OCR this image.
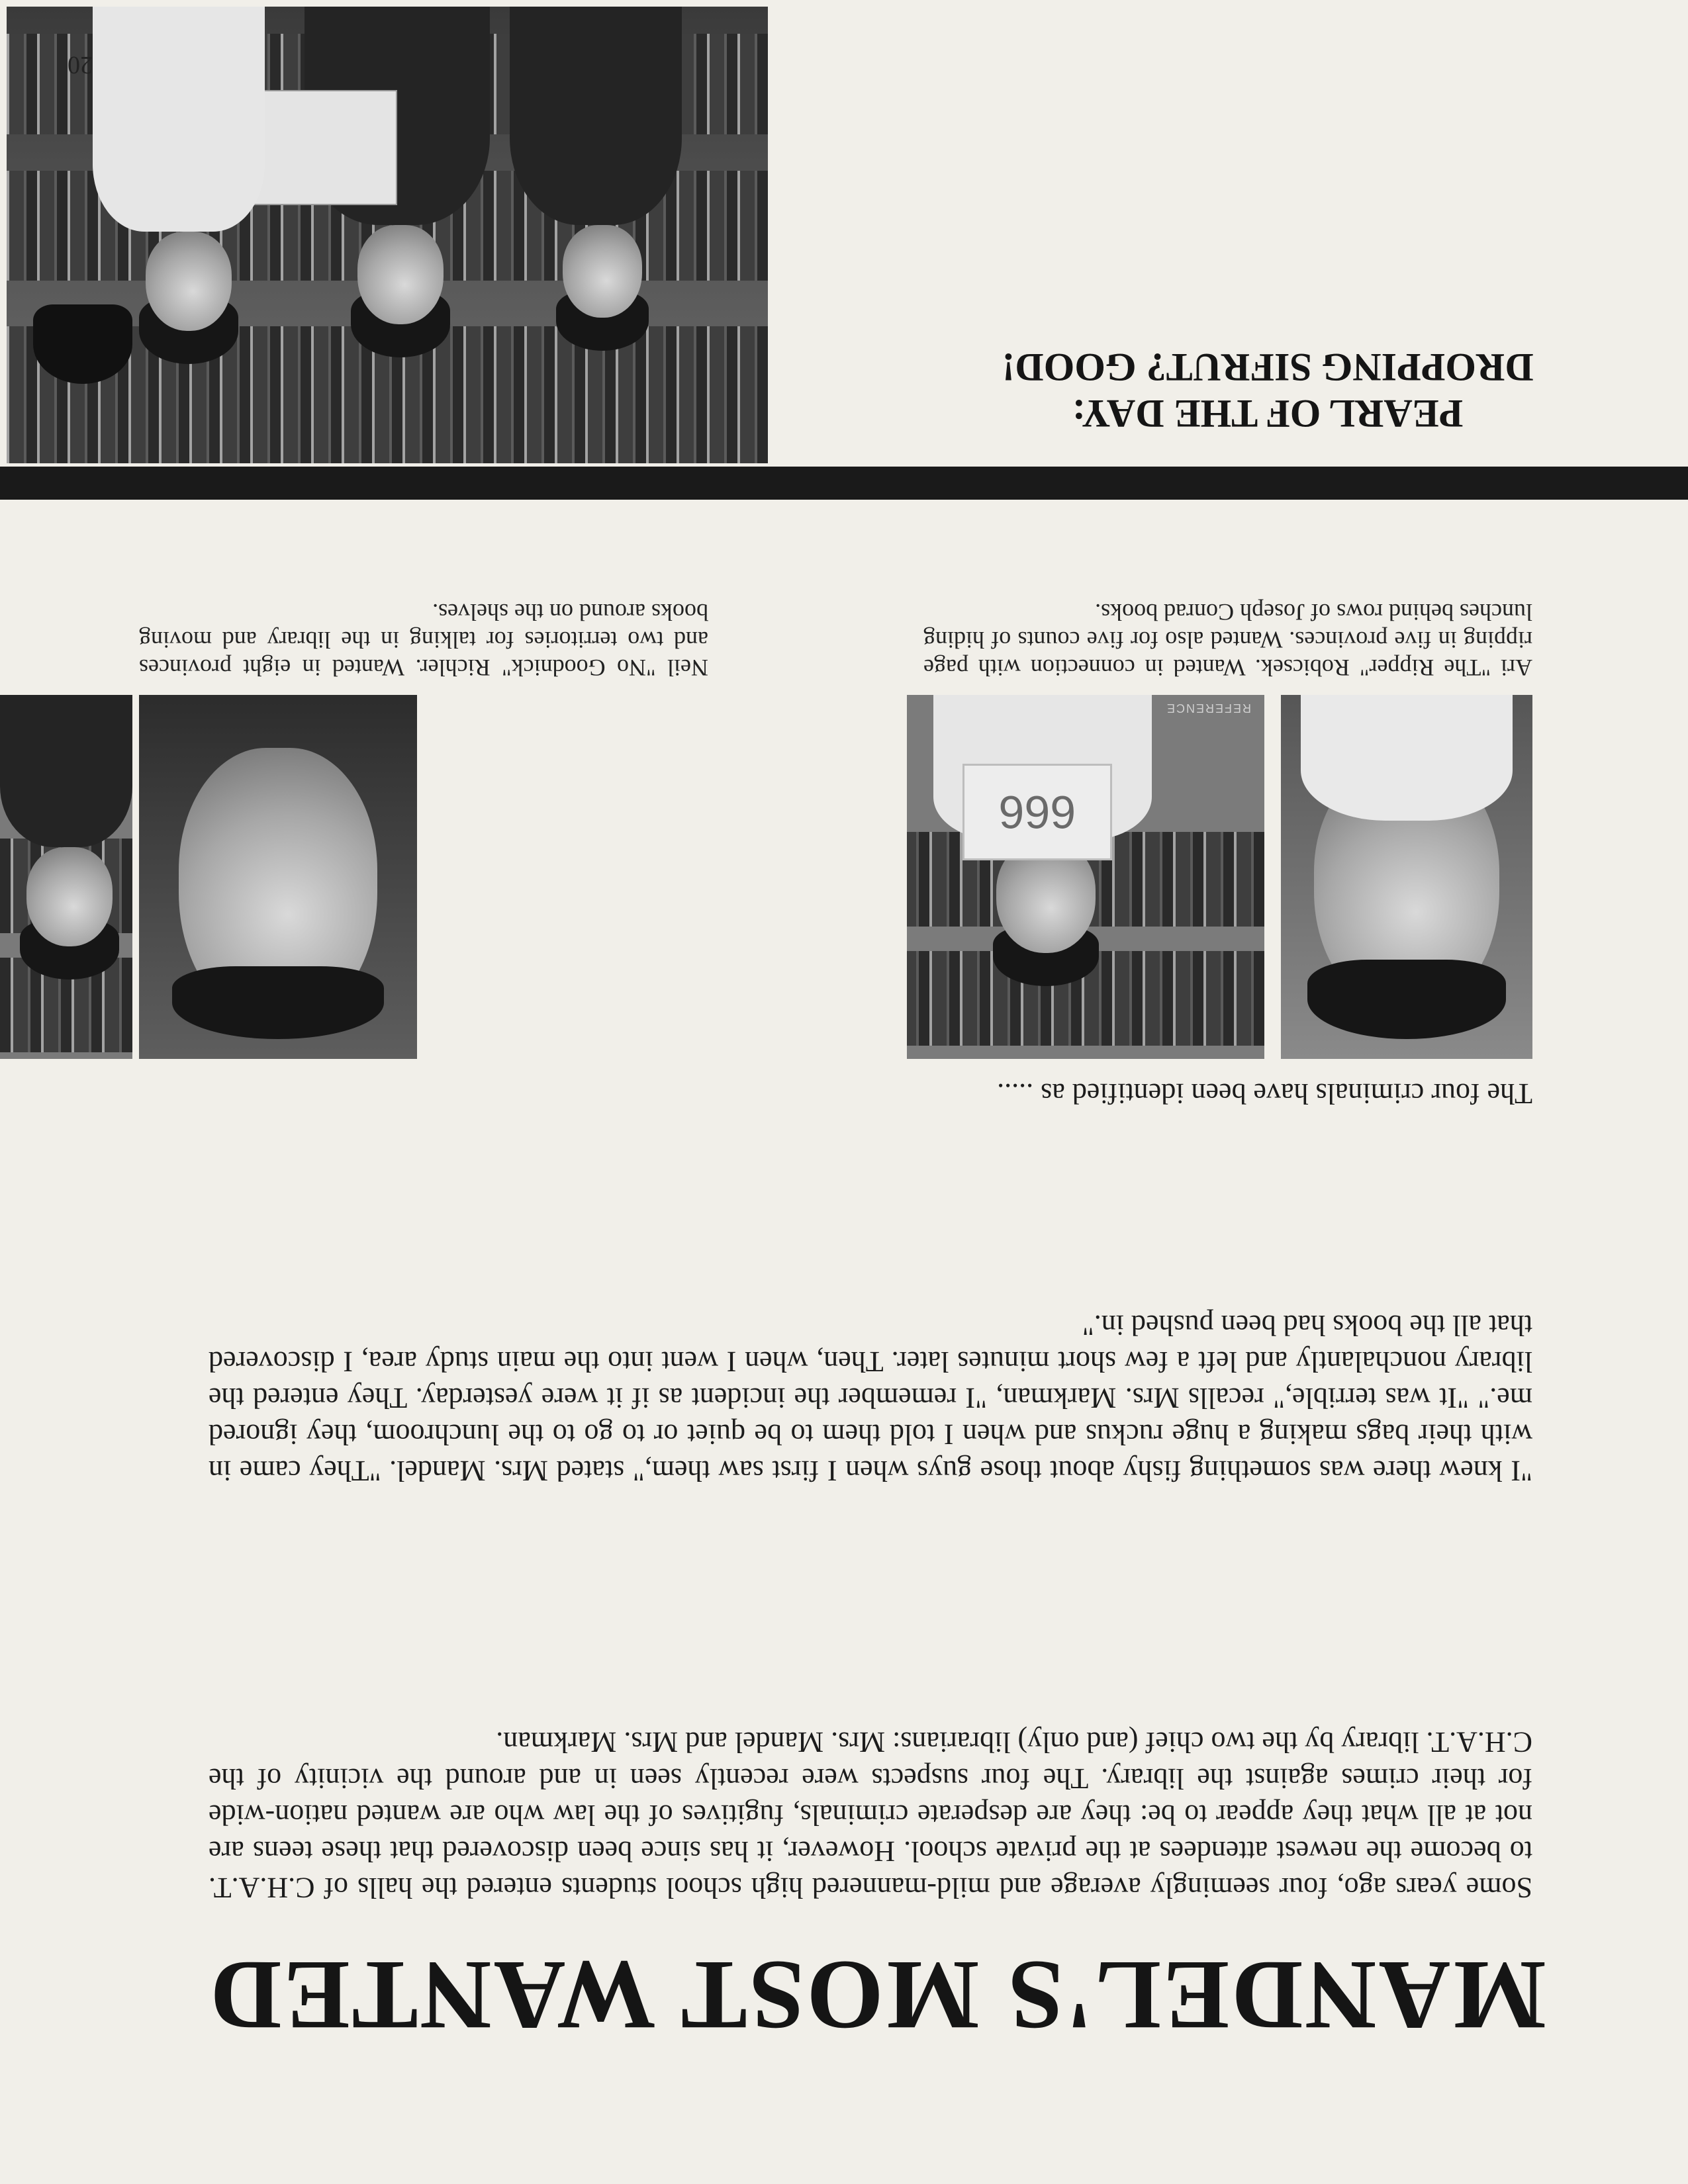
MANDEL'S MOST WANTED

Some years ago, four seemingly average and mild-mannered high school students entered the halls of C.H.A.T. to become the newest attendees at the private school. However, it has since been discovered that these teens are not at all what they appear to be: they are desperate criminals, fugitives of the law who are wanted nation-wide for their crimes against the library. The four suspects were recently seen in and around the vicinity of the C.H.A.T. library by the two chief (and only) librarians: Mrs. Mandel and Mrs. Markman.

"I knew there was something fishy about those guys when I first saw them," stated Mrs. Mandel. "They came in with their bags making a huge ruckus and when I told them to be quiet or to go to the lunchroom, they ignored me." "It was terrible," recalls Mrs. Markman, "I remember the incident as if it were yesterday. They entered the library nonchalantly and left a few short minutes later. Then, when I went into the main study area, I discovered that all the books had been pushed in."

The four criminals have been identified as .....

666
REFERENCE

Ari "The Ripper" Robicsek. Wanted in connection with page ripping in five provinces. Wanted also for five counts of hiding lunches behind rows of Joseph Conrad books.

Neil "No Goodnick" Richler. Wanted in eight provinces and two territories for talking in the library and moving books around on the shelves.

PEARL OF THE DAY:
DROPPING SIFRUT? GOOD!
20
